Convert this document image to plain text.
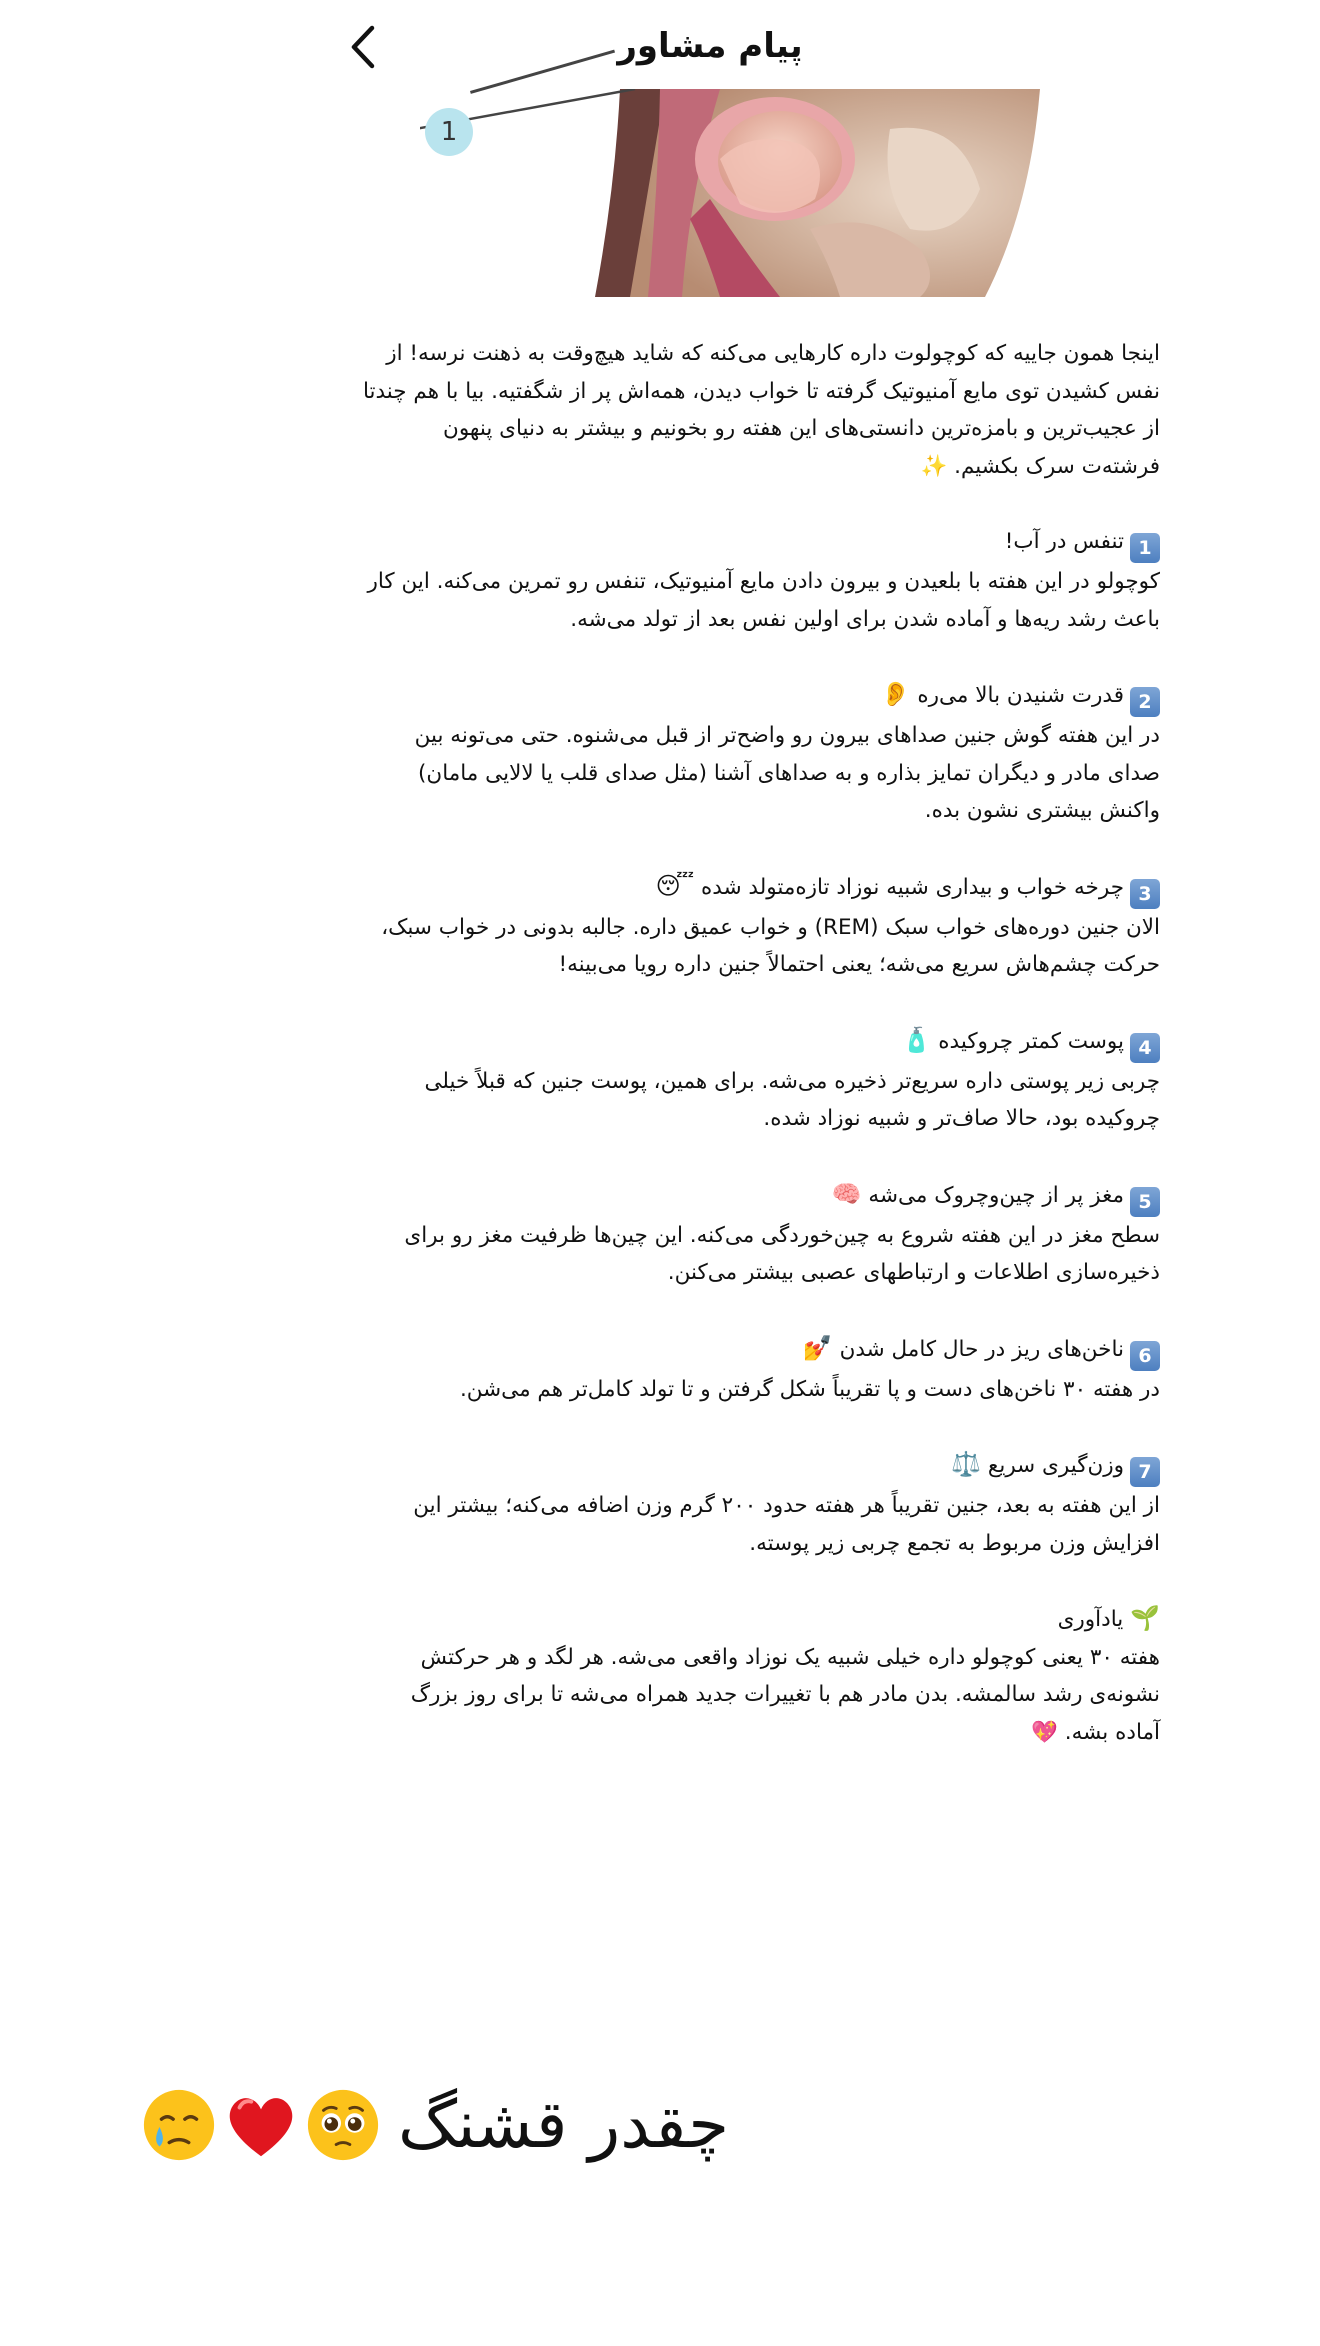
پیام مشاور
1

اینجا همون جاییه که کوچولوت داره کارهایی می‌کنه که شاید هیچ‌وقت به ذهنت نرسه! از نفس کشیدن توی مایع آمنیوتیک گرفته تا خواب دیدن، همه‌اش پر از شگفتیه. بیا با هم چندتا از عجیب‌ترین و بامزه‌ترین دانستی‌های این هفته رو بخونیم و بیشتر به دنیای پنهون فرشته‌ت سرک بکشیم. ✨

1تنفس در آب!

کوچولو در این هفته با بلعیدن و بیرون دادن مایع آمنیوتیک، تنفس رو تمرین می‌کنه. این کار باعث رشد ریه‌ها و آماده شدن برای اولین نفس بعد از تولد می‌شه.

2قدرت شنیدن بالا می‌ره 👂

در این هفته گوش جنین صداهای بیرون رو واضح‌تر از قبل می‌شنوه. حتی می‌تونه بین صدای مادر و دیگران تمایز بذاره و به صداهای آشنا (مثل صدای قلب یا لالایی مامان) واکنش بیشتری نشون بده.

3چرخه خواب و بیداری شبیه نوزاد تازه‌متولد شده 😴

الان جنین دوره‌های خواب سبک (REM) و خواب عمیق داره. جالبه بدونی در خواب سبک، حرکت چشم‌هاش سریع می‌شه؛ یعنی احتمالاً جنین داره رویا می‌بینه!

4پوست کمتر چروکیده 🧴

چربی زیر پوستی داره سریع‌تر ذخیره می‌شه. برای همین، پوست جنین که قبلاً خیلی چروکیده بود، حالا صاف‌تر و شبیه نوزاد شده.

5مغز پر از چین‌وچروک می‌شه 🧠

سطح مغز در این هفته شروع به چین‌خوردگی می‌کنه. این چین‌ها ظرفیت مغز رو برای ذخیره‌سازی اطلاعات و ارتباطهای عصبی بیشتر می‌کنن.

6ناخن‌های ریز در حال کامل شدن 💅

در هفته ۳۰ ناخن‌های دست و پا تقریباً شکل گرفتن و تا تولد کامل‌تر هم می‌شن.

7وزن‌گیری سریع ⚖️

از این هفته به بعد، جنین تقریباً هر هفته حدود ۲۰۰ گرم وزن اضافه می‌کنه؛ بیشتر این افزایش وزن مربوط به تجمع چربی زیر پوسته.

🌱 یادآوری

هفته ۳۰ یعنی کوچولو داره خیلی شبیه یک نوزاد واقعی می‌شه. هر لگد و هر حرکتش نشونه‌ی رشد سالمشه. بدن مادر هم با تغییرات جدید همراه می‌شه تا برای روز بزرگ آماده بشه. 💖

چقدر قشنگ
